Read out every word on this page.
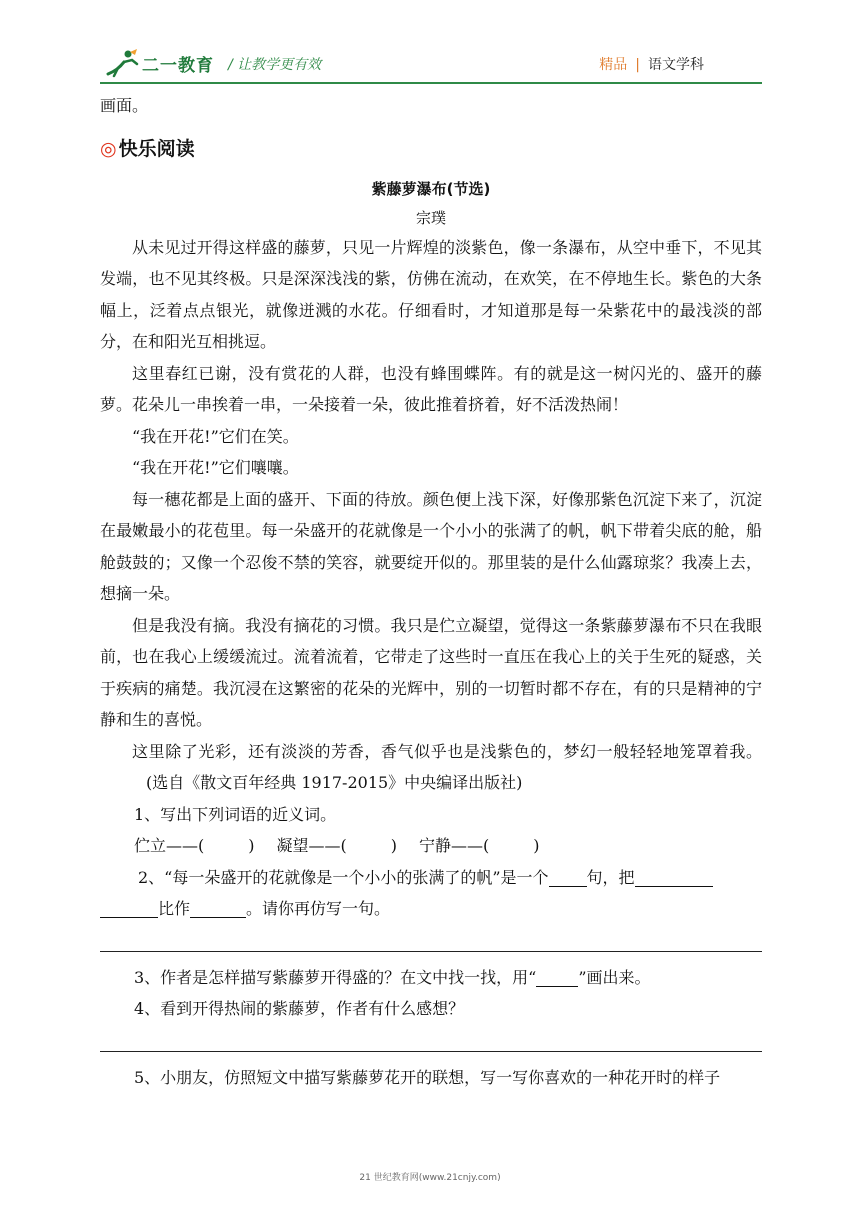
二一教育 / 让教学更有效	精品 | 语文学科

画面。

◎ 快乐阅读

紫藤萝瀑布(节选)

宗璞

从未见过开得这样盛的藤萝，只见一片辉煌的淡紫色，像一条瀑布，从空中垂下，不见其发端，也不见其终极。只是深深浅浅的紫，仿佛在流动，在欢笑，在不停地生长。紫色的大条幅上，泛着点点银光，就像迸溅的水花。仔细看时，才知道那是每一朵紫花中的最浅淡的部分，在和阳光互相挑逗。

这里春红已谢，没有赏花的人群，也没有蜂围蝶阵。有的就是这一树闪光的、盛开的藤萝。花朵儿一串挨着一串，一朵接着一朵，彼此推着挤着，好不活泼热闹！

“我在开花!”它们在笑。

“我在开花!”它们嚷嚷。

每一穗花都是上面的盛开、下面的待放。颜色便上浅下深，好像那紫色沉淀下来了，沉淀在最嫩最小的花苞里。每一朵盛开的花就像是一个小小的张满了的帆，帆下带着尖底的舱，船舱鼓鼓的；又像一个忍俊不禁的笑容，就要绽开似的。那里装的是什么仙露琼浆？我凑上去，想摘一朵。

但是我没有摘。我没有摘花的习惯。我只是伫立凝望，觉得这一条紫藤萝瀑布不只在我眼前，也在我心上缓缓流过。流着流着，它带走了这些时一直压在我心上的关于生死的疑惑，关于疾病的痛楚。我沉浸在这繁密的花朵的光辉中，别的一切暂时都不存在，有的只是精神的宁静和生的喜悦。

这里除了光彩，还有淡淡的芳香，香气似乎也是浅紫色的，梦幻一般轻轻地笼罩着我。(选自《散文百年经典 1917-2015》中央编译出版社)

1、写出下列词语的近义词。

伫立——(	) 凝望——(	) 宁静——(	)

2、“每一朵盛开的花就像是一个小小的张满了的帆”是一个 句，把

比作	。请你再仿写一句。

3、作者是怎样描写紫藤萝开得盛的？在文中找一找，用“	”画出来。

4、看到开得热闹的紫藤萝，作者有什么感想？

5、小朋友，仿照短文中描写紫藤萝花开的联想，写一写你喜欢的一种花开时的样子

21 世纪教育网(www.21cnjy.com)
